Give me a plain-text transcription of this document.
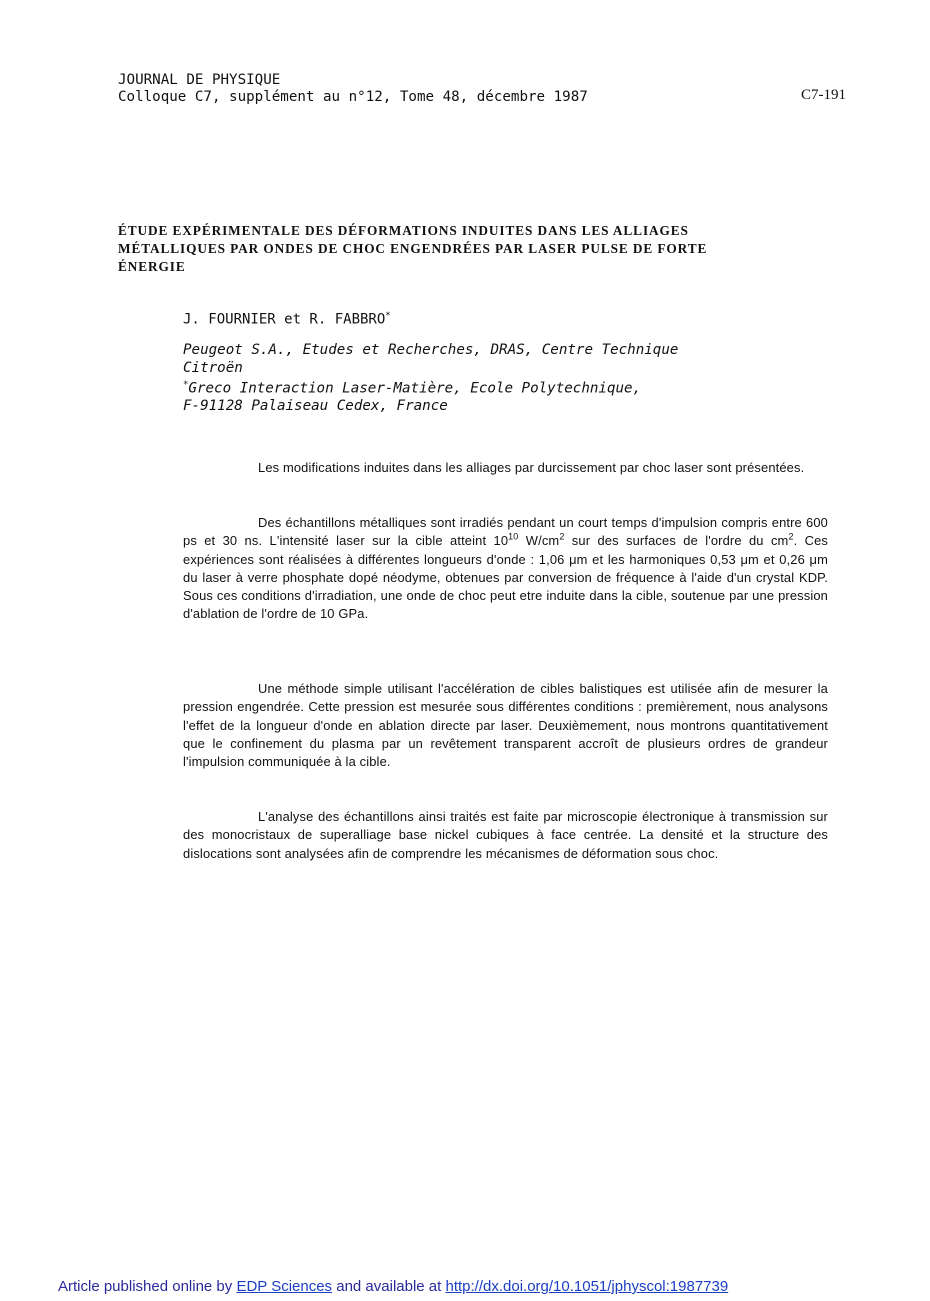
JOURNAL DE PHYSIQUE
Colloque C7, supplément au n°12, Tome 48, décembre 1987	C7-191
ÉTUDE EXPÉRIMENTALE DES DÉFORMATIONS INDUITES DANS LES ALLIAGES
MÉTALLIQUES PAR ONDES DE CHOC ENGENDRÉES PAR LASER PULSE DE FORTE
ÉNERGIE
J. FOURNIER et R. FABBRO*
Peugeot S.A., Etudes et Recherches, DRAS, Centre Technique
Citroën
*Greco Interaction Laser-Matière, Ecole Polytechnique,
F-91128 Palaiseau Cedex, France
Les modifications induites dans les alliages par durcissement par choc laser sont présentées.
Des échantillons métalliques sont irradiés pendant un court temps d'impulsion compris entre 600 ps et 30 ns. L'intensité laser sur la cible atteint $10^{10}$ $W/cm^2$ sur des surfaces de l'ordre du $cm^2$. Ces expériences sont réalisées à différentes longueurs d'onde : 1,06 μm et les harmoniques 0,53 μm et 0,26 μm du laser à verre phosphate dopé néodyme, obtenues par conversion de fréquence à l'aide d'un crystal KDP. Sous ces conditions d'irradiation, une onde de choc peut etre induite dans la cible, soutenue par une pression d'ablation de l'ordre de 10 GPa.
Une méthode simple utilisant l'accélération de cibles balistiques est utilisée afin de mesurer la pression engendrée. Cette pression est mesurée sous différentes conditions : premièrement, nous analysons l'effet de la longueur d'onde en ablation directe par laser. Deuxièmement, nous montrons quantitativement que le confinement du plasma par un revêtement transparent accroît de plusieurs ordres de grandeur l'impulsion communiquée à la cible.
L'analyse des échantillons ainsi traités est faite par microscopie électronique à transmission sur des monocristaux de superalliage base nickel cubiques à face centrée. La densité et la structure des dislocations sont analysées afin de comprendre les mécanismes de déformation sous choc.
Article published online by EDP Sciences and available at http://dx.doi.org/10.1051/jphyscol:1987739
